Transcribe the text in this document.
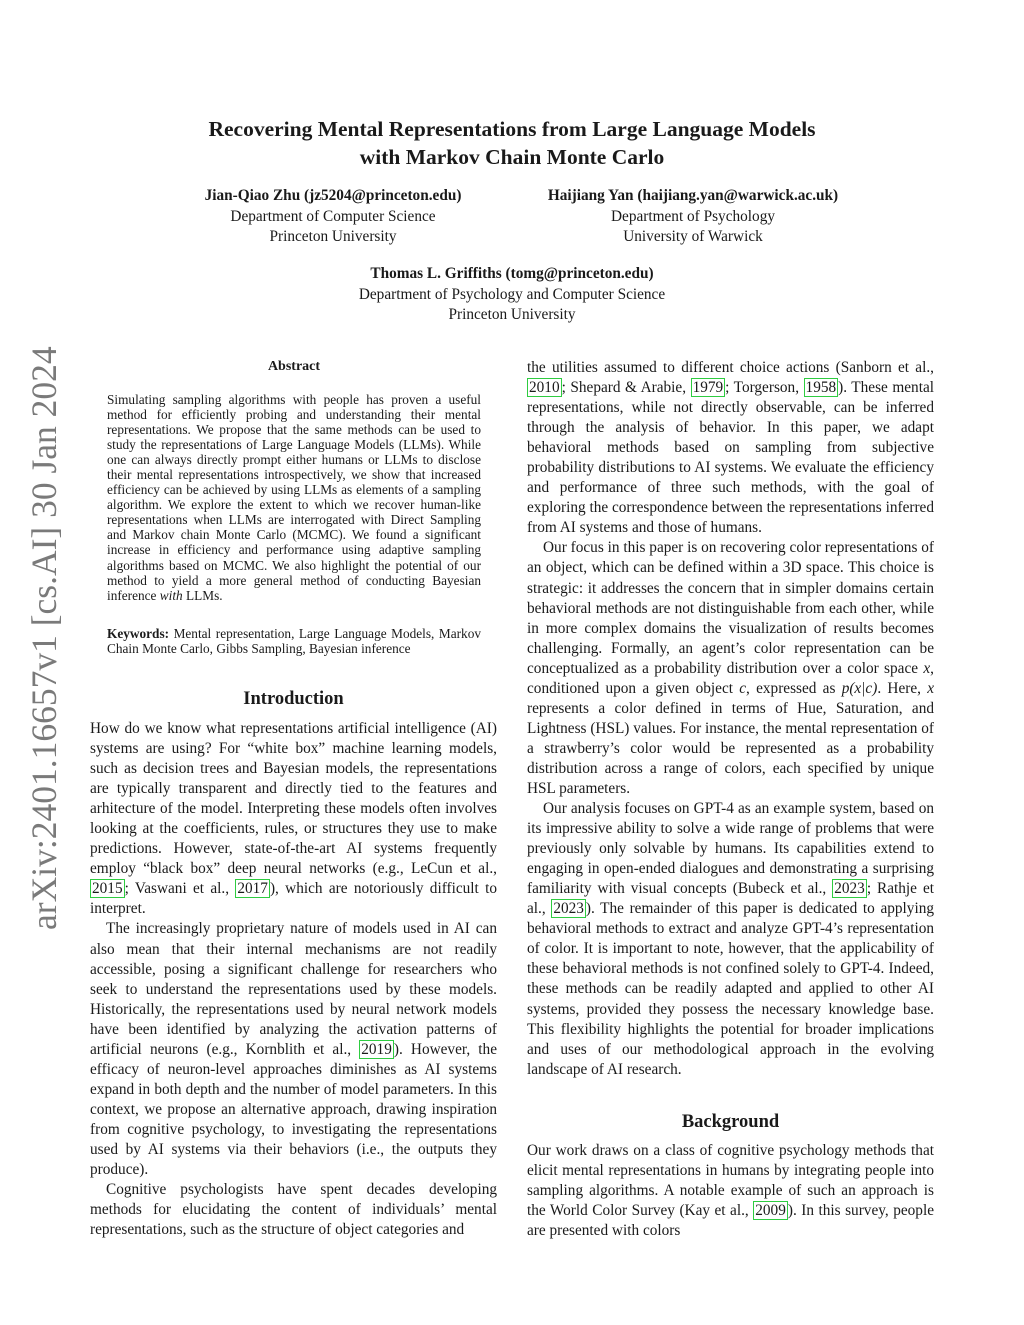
arXiv:2401.16657v1 [cs.AI] 30 Jan 2024
Recovering Mental Representations from Large Language Models
with Markov Chain Monte Carlo
Jian-Qiao Zhu (jz5204@princeton.edu)
Department of Computer Science
Princeton University
Haijiang Yan (haijiang.yan@warwick.ac.uk)
Department of Psychology
University of Warwick
Thomas L. Griffiths (tomg@princeton.edu)
Department of Psychology and Computer Science
Princeton University
Abstract
Simulating sampling algorithms with people has proven a useful method for efficiently probing and understanding their mental representations. We propose that the same methods can be used to study the representations of Large Language Models (LLMs). While one can always directly prompt either humans or LLMs to disclose their mental representations introspectively, we show that increased efficiency can be achieved by using LLMs as elements of a sampling algorithm. We explore the extent to which we recover human-like representations when LLMs are interrogated with Direct Sampling and Markov chain Monte Carlo (MCMC). We found a significant increase in efficiency and performance using adaptive sampling algorithms based on MCMC. We also highlight the potential of our method to yield a more general method of conducting Bayesian inference with LLMs.
Keywords: Mental representation, Large Language Models, Markov Chain Monte Carlo, Gibbs Sampling, Bayesian inference
Introduction

How do we know what representations artificial intelligence (AI) systems are using? For “white box” machine learning models, such as decision trees and Bayesian models, the representations are typically transparent and directly tied to the features and arhitecture of the model. Interpreting these models often involves looking at the coefficients, rules, or structures they use to make predictions. However, state-of-the-art AI systems frequently employ “black box” deep neural networks (e.g., LeCun et al., 2015 ; Vaswani et al., 2017 ), which are notoriously difficult to interpret.

The increasingly proprietary nature of models used in AI can also mean that their internal mechanisms are not readily accessible, posing a significant challenge for researchers who seek to understand the representations used by these models. Historically, the representations used by neural network models have been identified by analyzing the activation patterns of artificial neurons (e.g., Kornblith et al., 2019 ). However, the efficacy of neuron-level approaches diminishes as AI systems expand in both depth and the number of model parameters. In this context, we propose an alternative approach, drawing inspiration from cognitive psychology, to investigating the representations used by AI systems via their behaviors (i.e., the outputs they produce).

Cognitive psychologists have spent decades developing methods for elucidating the content of individuals’ mental representations, such as the structure of object categories and

the utilities assumed to different choice actions (Sanborn et al., 2010 ; Shepard & Arabie, 1979 ; Torgerson, 1958 ). These mental representations, while not directly observable, can be inferred through the analysis of behavior. In this paper, we adapt behavioral methods based on sampling from subjective probability distributions to AI systems. We evaluate the efficiency and performance of three such methods, with the goal of exploring the correspondence between the representations inferred from AI systems and those of humans.

Our focus in this paper is on recovering color representations of an object, which can be defined within a 3D space. This choice is strategic: it addresses the concern that in simpler domains certain behavioral methods are not distinguishable from each other, while in more complex domains the visualization of results becomes challenging. Formally, an agent’s color representation can be conceptualized as a probability distribution over a color space x, conditioned upon a given object c, expressed as p(x|c). Here, x represents a color defined in terms of Hue, Saturation, and Lightness (HSL) values. For instance, the mental representation of a strawberry’s color would be represented as a probability distribution across a range of colors, each specified by unique HSL parameters.

Our analysis focuses on GPT-4 as an example system, based on its impressive ability to solve a wide range of problems that were previously only solvable by humans. Its capabilities extend to engaging in open-ended dialogues and demonstrating a surprising familiarity with visual concepts (Bubeck et al., 2023 ; Rathje et al., 2023 ). The remainder of this paper is dedicated to applying behavioral methods to extract and analyze GPT-4’s representation of color. It is important to note, however, that the applicability of these behavioral methods is not confined solely to GPT-4. Indeed, these methods can be readily adapted and applied to other AI systems, provided they possess the necessary knowledge base. This flexibility highlights the potential for broader implications and uses of our methodological approach in the evolving landscape of AI research.

Background

Our work draws on a class of cognitive psychology methods that elicit mental representations in humans by integrating people into sampling algorithms. A notable example of such an approach is the World Color Survey (Kay et al., 2009 ). In this survey, people are presented with colors
